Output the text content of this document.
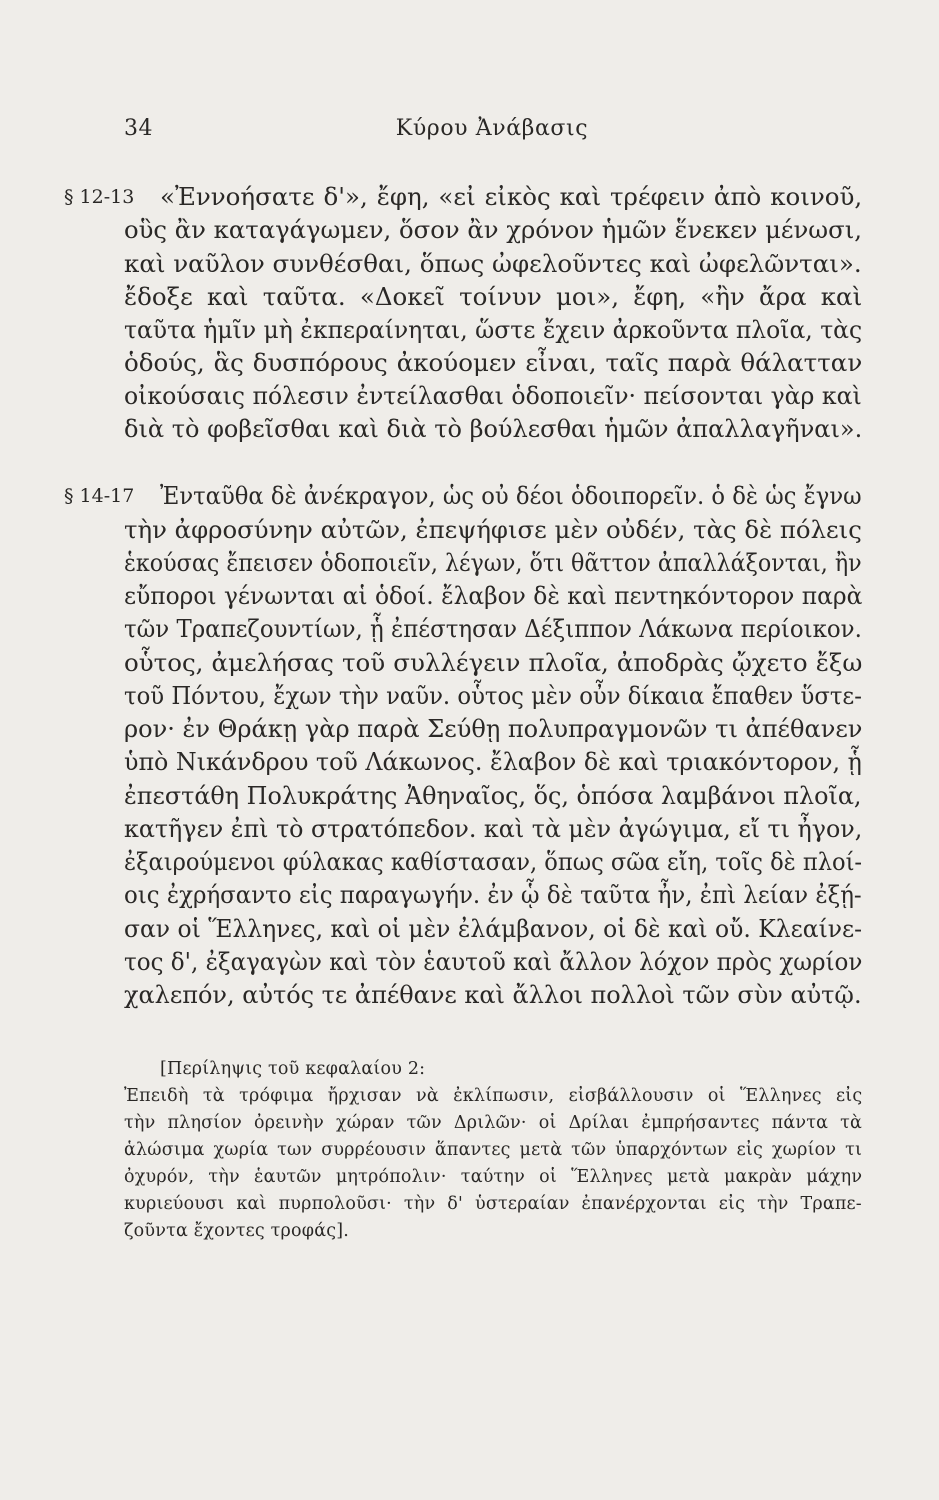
34	Κύρου Ἀνάβασις
§ 12-13
§ 14-17
«Ἐννοήσατε δ'», ἔφη, «εἰ εἰκὸς καὶ τρέφειν ἀπὸ κοινοῦ,
οὓς ἂν καταγάγωμεν, ὅσον ἂν χρόνον ἡμῶν ἕνεκεν μένωσι,
καὶ ναῦλον συνθέσθαι, ὅπως ὠφελοῦντες καὶ ὠφελῶνται».
ἔδοξε καὶ ταῦτα. «Δοκεῖ τοίνυν μοι», ἔφη, «ἢν ἄρα καὶ
ταῦτα ἡμῖν μὴ ἐκπεραίνηται, ὥστε ἔχειν ἀρκοῦντα πλοῖα, τὰς
ὁδούς, ἃς δυσπόρους ἀκούομεν εἶναι, ταῖς παρὰ θάλατταν
οἰκούσαις πόλεσιν ἐντείλασθαι ὁδοποιεῖν· πείσονται γὰρ καὶ
διὰ τὸ φοβεῖσθαι καὶ διὰ τὸ βούλεσθαι ἡμῶν ἀπαλλαγῆναι».
Ἐνταῦθα δὲ ἀνέκραγον, ὡς οὐ δέοι ὁδοιπορεῖν. ὁ δὲ ὡς ἔγνω
τὴν ἀφροσύνην αὐτῶν, ἐπεψήφισε μὲν οὐδέν, τὰς δὲ πόλεις
ἑκούσας ἔπεισεν ὁδοποιεῖν, λέγων, ὅτι θᾶττον ἀπαλλάξονται, ἢν
εὔποροι γένωνται αἱ ὁδοί. ἔλαβον δὲ καὶ πεντηκόντορον παρὰ
τῶν Τραπεζουντίων, ᾗ ἐπέστησαν Δέξιππον Λάκωνα περίοικον.
οὗτος, ἀμελήσας τοῦ συλλέγειν πλοῖα, ἀποδρὰς ᾤχετο ἔξω
τοῦ Πόντου, ἔχων τὴν ναῦν. οὗτος μὲν οὖν δίκαια ἔπαθεν ὕστε-
ρον· ἐν Θράκῃ γὰρ παρὰ Σεύθῃ πολυπραγμονῶν τι ἀπέθανεν
ὑπὸ Νικάνδρου τοῦ Λάκωνος. ἔλαβον δὲ καὶ τριακόντορον, ᾗ
ἐπεστάθη Πολυκράτης Ἀθηναῖος, ὅς, ὁπόσα λαμβάνοι πλοῖα,
κατῆγεν ἐπὶ τὸ στρατόπεδον. καὶ τὰ μὲν ἀγώγιμα, εἴ τι ἦγον,
ἐξαιρούμενοι φύλακας καθίστασαν, ὅπως σῶα εἴη, τοῖς δὲ πλοί-
οις ἐχρήσαντο εἰς παραγωγήν. ἐν ᾧ δὲ ταῦτα ἦν, ἐπὶ λείαν ἐξῄ-
σαν οἱ Ἕλληνες, καὶ οἱ μὲν ἐλάμβανον, οἱ δὲ καὶ οὔ. Κλεαίνε-
τος δ', ἐξαγαγὼν καὶ τὸν ἑαυτοῦ καὶ ἄλλον λόχον πρὸς χωρίον
χαλεπόν, αὐτός τε ἀπέθανε καὶ ἄλλοι πολλοὶ τῶν σὺν αὐτῷ.
[Περίληψις τοῦ κεφαλαίου 2:
Ἐπειδὴ τὰ τρόφιμα ἤρχισαν νὰ ἐκλίπωσιν, εἰσβάλλουσιν οἱ Ἕλληνες εἰς
τὴν πλησίον ὀρεινὴν χώραν τῶν Δριλῶν· οἱ Δρίλαι ἐμπρήσαντες πάντα τὰ
ἁλώσιμα χωρία των συρρέουσιν ἅπαντες μετὰ τῶν ὑπαρχόντων εἰς χωρίον τι
ὀχυρόν, τὴν ἑαυτῶν μητρόπολιν· ταύτην οἱ Ἕλληνες μετὰ μακρὰν μάχην
κυριεύουσι καὶ πυρπολοῦσι· τὴν δ' ὑστεραίαν ἐπανέρχονται εἰς τὴν Τραπε-
ζοῦντα ἔχοντες τροφάς].
